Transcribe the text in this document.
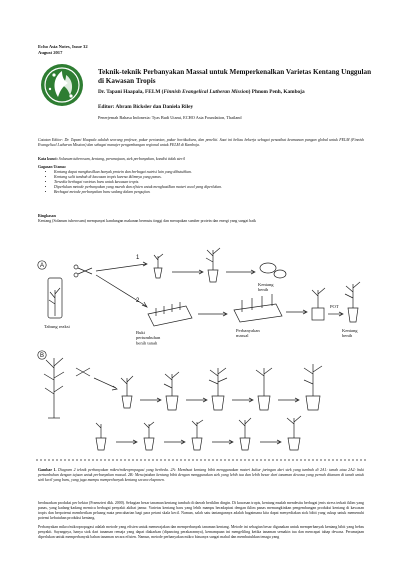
Echo Asia Notes, Issue 32
August 2017
Teknik-teknik Perbanyakan Massal untuk Memperkenalkan Varietas Kentang Unggulan di Kawasan Tropis
Dr. Tapani Haapala, FELM (Finnish Evangelical Lutheran Mission) Phnom Penh, Kamboja
Editor: Abram Bicksler dan Daniela Riley
Penerjemah Bahasa Indonesia: Tyas Budi Utami, ECHO Asia Foundation, Thailand
Catatan Editor: Dr. Tapani Haapala adalah seorang profesor, pakar pertanian, pakar hortikultura, dan peneliti. Saat ini beliau bekerja sebagai penasihat keamanan pangan global untuk FELM (Finnish Evangelical Lutheran Mission) dan sebagai manajer pengembangan regional untuk FELM di Kamboja.
Kata kunci: Solanum tuberosum, kentang, perumajaan, stek perbanyakan, kondisi tidak steril
Gagasan Utama:
• Kentang dapat menghasilkan banyak protein dan berbagai nutrisi lain yang dibutuhkan.
• Kentang sulit tumbuh di kawasan tropis karena iklimnya yang panas.
• Tersedia berbagai varietas baru untuk kawasan tropis.
• Diperlukan metode perbanyakan yang murah dan efisien untuk menghasilkan materi awal yang diperlukan.
• Berbagai metode perbanyakan baru sedang dalam pengujian.
Ringkasan
Kentang (Solanum tuberosum) mempunyai kandungan makanan bermutu tinggi dan merupakan sumber protein dan energi yang sangat baik
A
B
1
2
Tabung reaksi
Kentang benih
Buki pertumbuhan benih tanah
Perbanyakan massal
POT
Kentang benih
Gambar 1. Diagram 2 teknik perbanyakan mikro/mikropropagasi yang berbeda. 2A: Membuat kentang bibit menggunakan materi kultur jaringan dari stek yang tumbuh di 2A1: tanah atau 2A2: buki pertumbuhan dengan tujuan untuk perbanyakan massal. 2B: Menciptakan kentang bibit dengan menggunakan stek yang lebih tua dan lebih besar dari tanaman dewasa yang pernah ditanam di tanah untuk stek kecil yang baru, yang juga mampu memperbanyak kentang secara eksponen.
berdasarkan produksi per hektar (Fraenzieri dkk. 2000). Sebagian besar tanaman kentang tumbuh di daerah beriklim dingin. Di kawasan tropis, kentang mudah mendesitu berbagai jenis stress terkait iklim yang panas, yang kadang-kadang memicu berbagai penyakit akibat jamur. Varietas kentang baru yang lebih mampu beradaptasi dengan iklim panas memungkinkan pengembangan produksi kentang di kawasan tropis dan berpotensi memberikan peluang mata pencaharian bagi para petani skala kecil. Namun, salah satu tantangannya adalah bagaimana kita dapat menyediakan stok bibit yang cukup untuk memenuhi potensi kebutuhan produksi kentang.
Perbanyakan mikro/mikropropagasi adalah metode yang efisien untuk memerajakan dan memperbanyak tanaman kentang. Metode ini sebagian besar digunakan untuk memperbanyak kentang bibit yang bebas penyakit. Sayangnya, hanya stok dari tanaman remaja yang dapat diakarkan (dipancing perakarannya), kemampuan ini mengeliling ketika tanaman semakin tua dan mencapai tahap dewasa. Perumajaan diperlukan untuk memperbanyak bahan tanaman secara efisien. Namun, metode perbanyakan mikro biasanya sangat mahal dan membutuhkan tenaga yang
